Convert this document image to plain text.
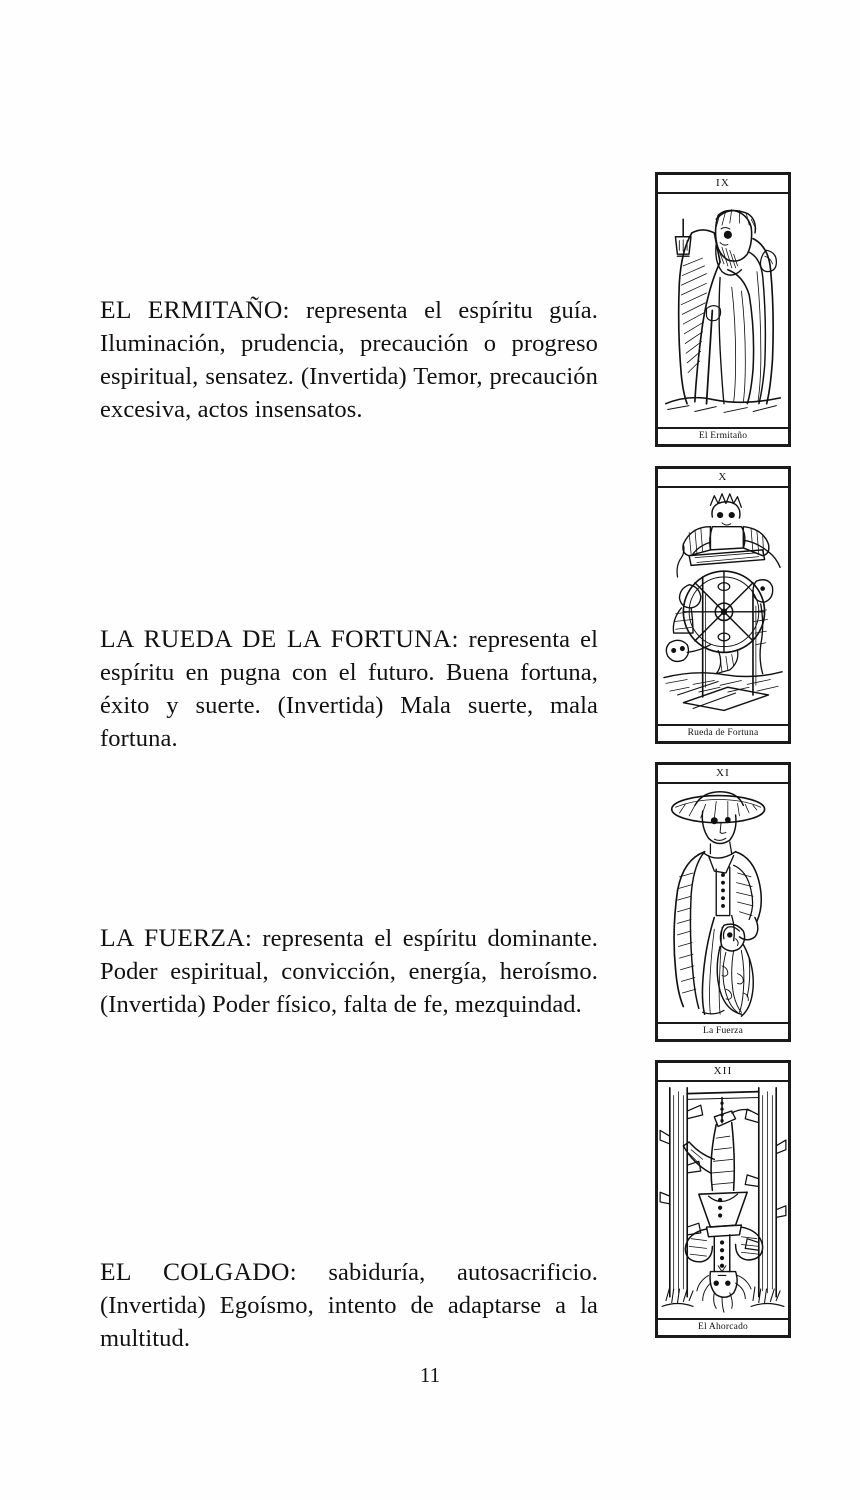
EL ERMITAÑO: representa el espíritu guía. Iluminación, prudencia, precaución o progreso espiritual, sensatez. (Invertida) Temor, precaución excesiva, actos insensatos.

LA RUEDA DE LA FORTUNA: representa el espíritu en pugna con el futuro. Buena fortuna, éxito y suerte. (Invertida) Mala suerte, mala fortuna.

LA FUERZA: representa el espíritu dominante. Poder espiritual, convicción, energía, heroísmo. (Invertida) Poder físico, falta de fe, mezquindad.

EL COLGADO: sabiduría, autosacrificio. (Invertida) Egoísmo, intento de adaptarse a la multitud.

IX
El Ermitaño
X
Rueda de Fortuna
XI
La Fuerza
XII
El Ahorcado
11
